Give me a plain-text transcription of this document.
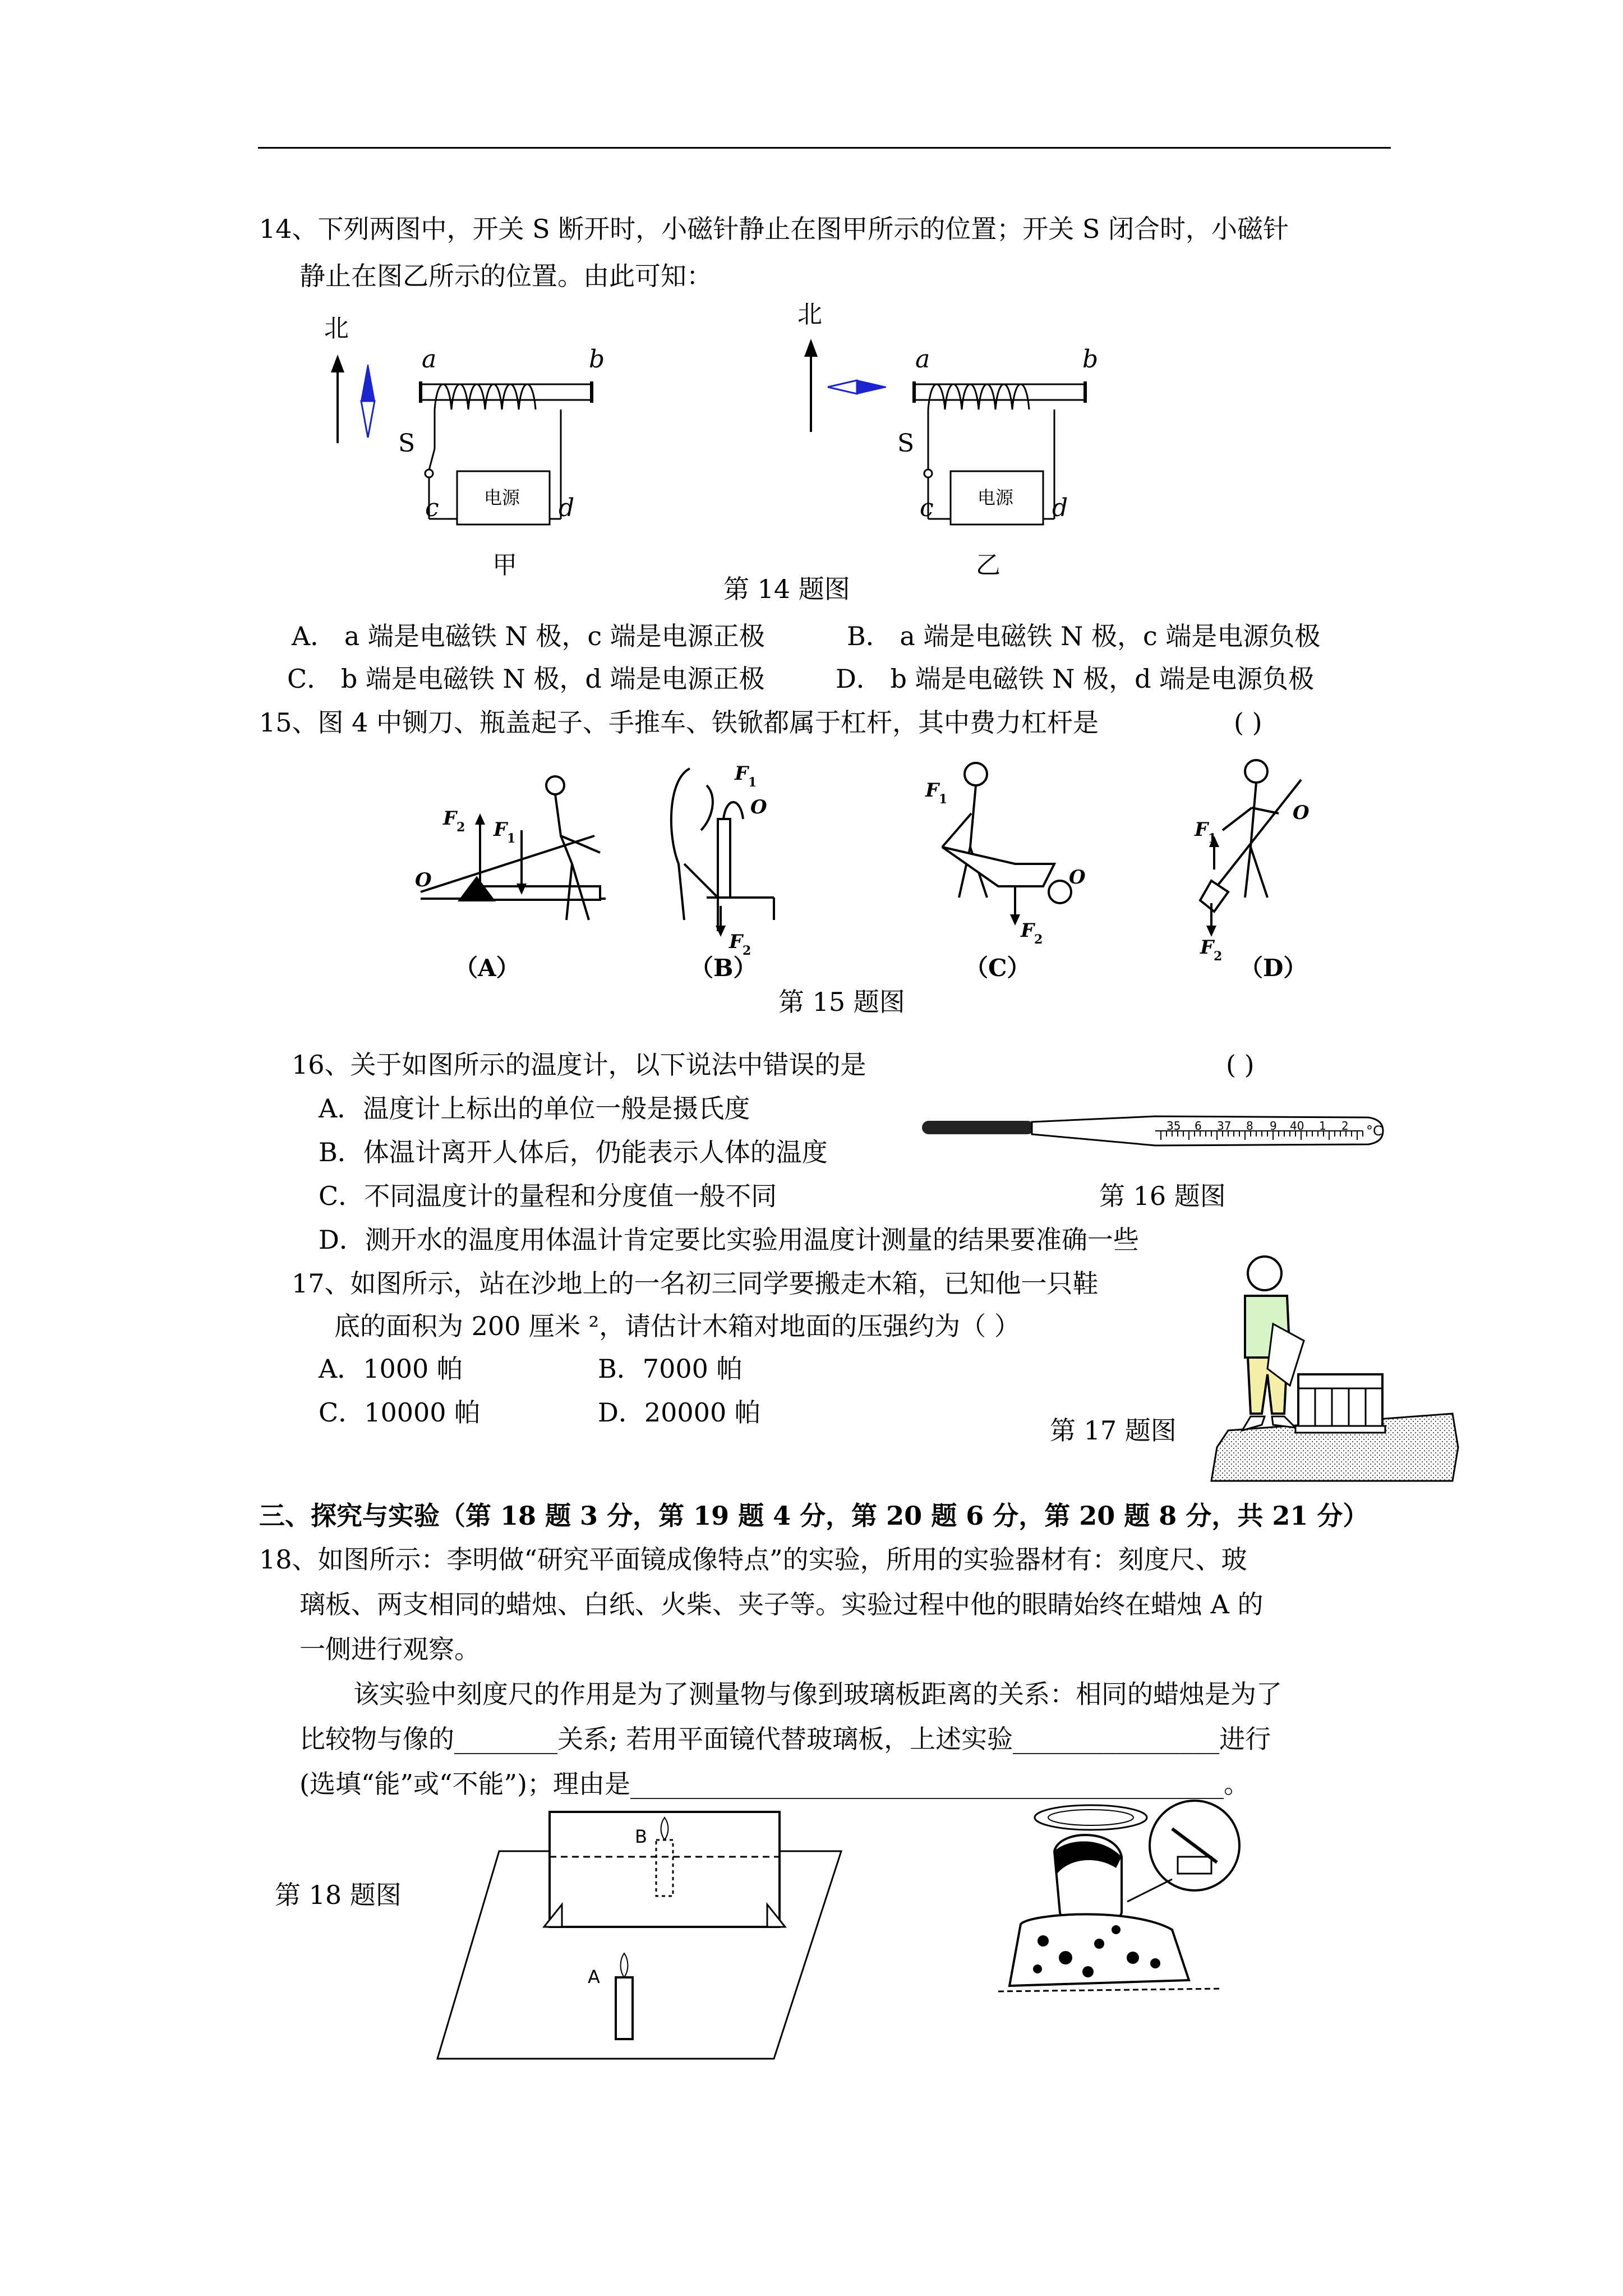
14、下列两图中，开关 S 断开时，小磁针静止在图甲所示的位置；开关 S 闭合时，小磁针
静止在图乙所示的位置。由此可知：
北
a	b
电源
S
c	d
甲
北
a	b
电源
S
c	d
乙
第 14 题图
A． a 端是电磁铁 N 极，c 端是电源正极	B． a 端是电磁铁 N 极，c 端是电源负极
C． b 端是电磁铁 N 极，d 端是电源正极	D． b 端是电磁铁 N 极，d 端是电源负极
15、图 4 中铡刀、瓶盖起子、手推车、铁锨都属于杠杆，其中费力杠杆是	( )
F 2 F 1
O
（A）
F 1
O
F 2
（B）
F 1
O
F 2
（C）
F 1
O
F 2 （D）
第 15 题图
16、关于如图所示的温度计，以下说法中错误的是	( )
A．温度计上标出的单位一般是摄氏度
B．体温计离开人体后，仍能表示人体的温度
C．不同温度计的量程和分度值一般不同
D．测开水的温度用体温计肯定要比实验用温度计测量的结果要准确一些
35 6 37 8 9 40 1 2 °C
第 16 题图
17、如图所示，站在沙地上的一名初三同学要搬走木箱，已知他一只鞋
底的面积为 200 厘米 ²，请估计木箱对地面的压强约为（ ）
A．1000 帕	B．7000 帕
C．10000 帕	D．20000 帕
第 17 题图
三、探究与实验（第 18 题 3 分，第 19 题 4 分，第 20 题 6 分，第 20 题 8 分，共 21 分）
18、如图所示：李明做“研究平面镜成像特点”的实验，所用的实验器材有：刻度尺、玻
璃板、两支相同的蜡烛、白纸、火柴、夹子等。实验过程中他的眼睛始终在蜡烛 A 的
一侧进行观察。
该实验中刻度尺的作用是为了测量物与像到玻璃板距离的关系：相同的蜡烛是为了
比较物与像的________关系; 若用平面镜代替玻璃板，上述实验________________进行
(选填“能”或“不能”)；理由是______________________________________________。
第 18 题图
B
A
